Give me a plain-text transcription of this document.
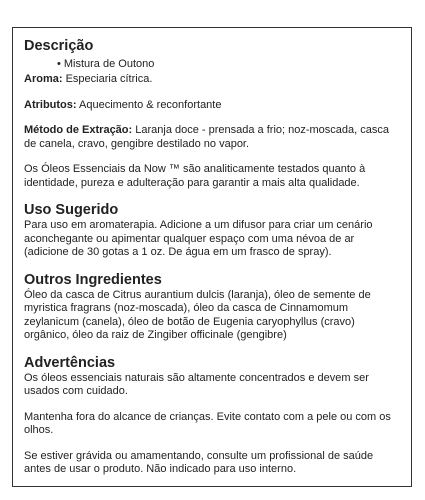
Descrição
• Mistura de Outono

Aroma: Especiaria cítrica.

Atributos: Aquecimento & reconfortante

Método de Extração: Laranja doce - prensada a frio; noz-moscada, casca de canela, cravo, gengibre destilado no vapor.

Os Óleos Essenciais da Now ™ são analiticamente testados quanto à identidade, pureza e adulteração para garantir a mais alta qualidade.

Uso Sugerido

Para uso em aromaterapia. Adicione a um difusor para criar um cenário aconchegante ou apimentar qualquer espaço com uma névoa de ar (adicione de 30 gotas a 1 oz. De água em um frasco de spray).

Outros Ingredientes

Óleo da casca de Citrus aurantium dulcis (laranja), óleo de semente de myristica fragrans (noz-moscada), óleo da casca de Cinnamomum zeylanicum (canela), óleo de botão de Eugenia caryophyllus (cravo) orgânico, óleo da raiz de Zingiber officinale (gengibre)

Advertências

Os óleos essenciais naturais são altamente concentrados e devem ser usados com cuidado.

Mantenha fora do alcance de crianças. Evite contato com a pele ou com os olhos.

Se estiver grávida ou amamentando, consulte um profissional de saúde antes de usar o produto. Não indicado para uso interno.
